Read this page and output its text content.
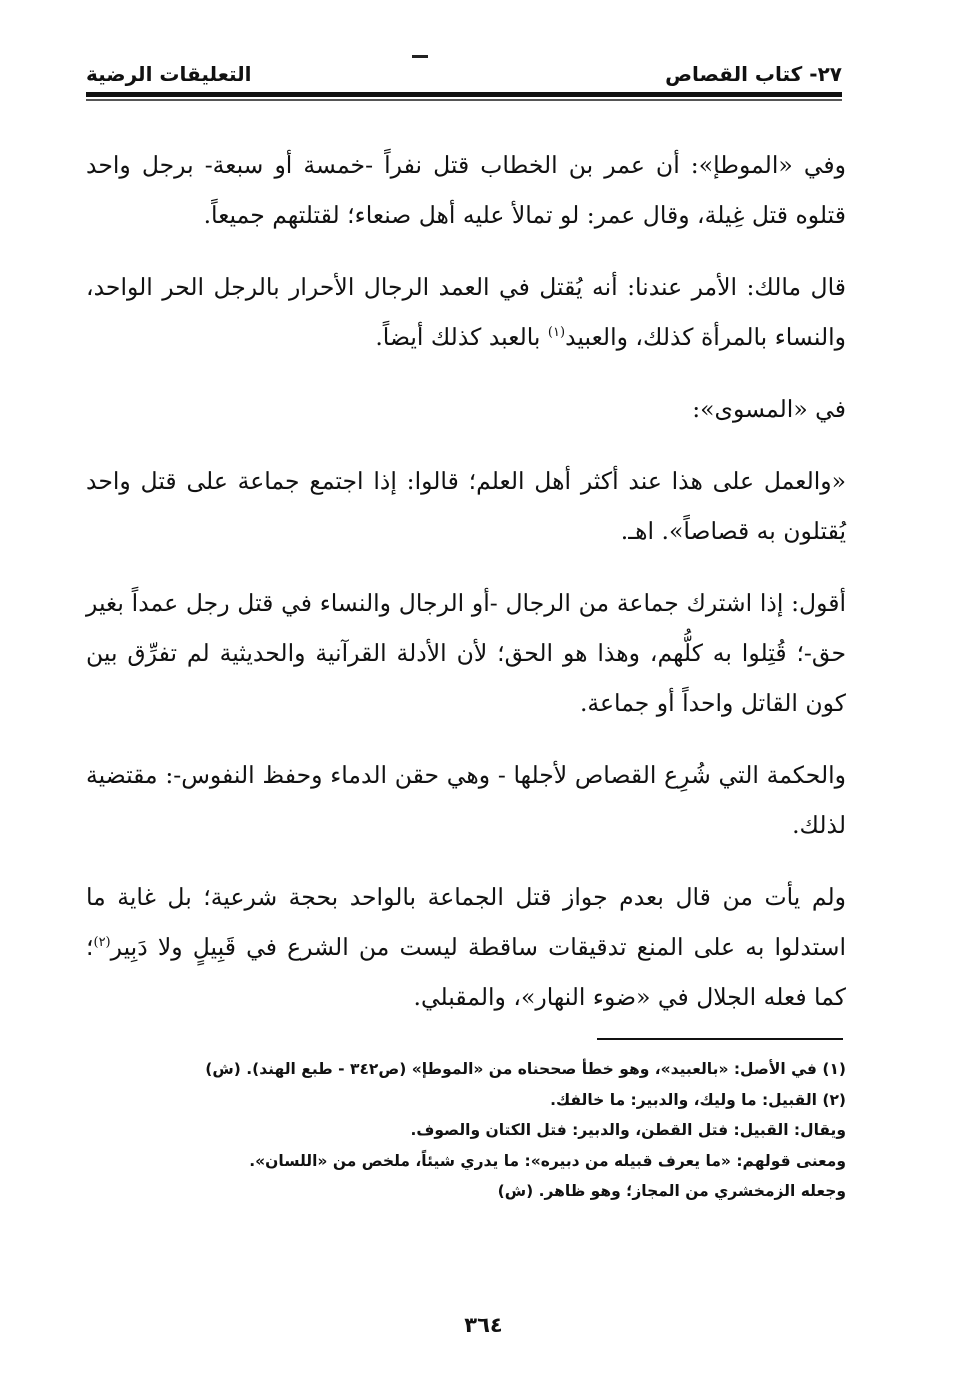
٢٧- كتاب القصاص
التعليقات الرضية

وفي «الموطإ»: أن عمر بن الخطاب قتل نفراً -خمسة أو سبعة- برجل واحد قتلوه قتل غِيلة، وقال عمر: لو تمالأ عليه أهل صنعاء؛ لقتلتهم جميعاً.

قال مالك: الأمر عندنا: أنه يُقتل في العمد الرجال الأحرار بالرجل الحر الواحد، والنساء بالمرأة كذلك، والعبيد$^{(١)}$ بالعبد كذلك أيضاً.

في «المسوى»:

«والعمل على هذا عند أكثر أهل العلم؛ قالوا: إذا اجتمع جماعة على قتل واحد يُقتلون به قصاصاً». اهـ.

أقول: إذا اشترك جماعة من الرجال -أو الرجال والنساء في قتل رجل عمداً بغير حق-؛ قُتِلوا به كلُّهم، وهذا هو الحق؛ لأن الأدلة القرآنية والحديثية لم تفرِّق بين كون القاتل واحداً أو جماعة.

والحكمة التي شُرِع القصاص لأجلها - وهي حقن الدماء وحفظ النفوس-: مقتضية لذلك.

ولم يأت من قال بعدم جواز قتل الجماعة بالواحد بحجة شرعية؛ بل غاية ما استدلوا به على المنع تدقيقات ساقطة ليست من الشرع في قَبِيلٍ ولا دَبِير$^{(٢)}$؛ كما فعله الجلال في «ضوء النهار»، والمقبلي.

(١) في الأصل: «بالعبيد»، وهو خطأ صححناه من «الموطإ» (ص٣٤٢ - طبع الهند). (ش)
(٢) القبيل: ما وليك، والدبير: ما خالفك.
ويقال: القبيل: فتل القطن، والدبير: فتل الكتان والصوف.
ومعنى قولهم: «ما يعرف قبيله من دبيره»: ما يدري شيئاً، ملخص من «اللسان».
وجعله الزمخشري من المجاز؛ وهو ظاهر. (ش)
٣٦٤
